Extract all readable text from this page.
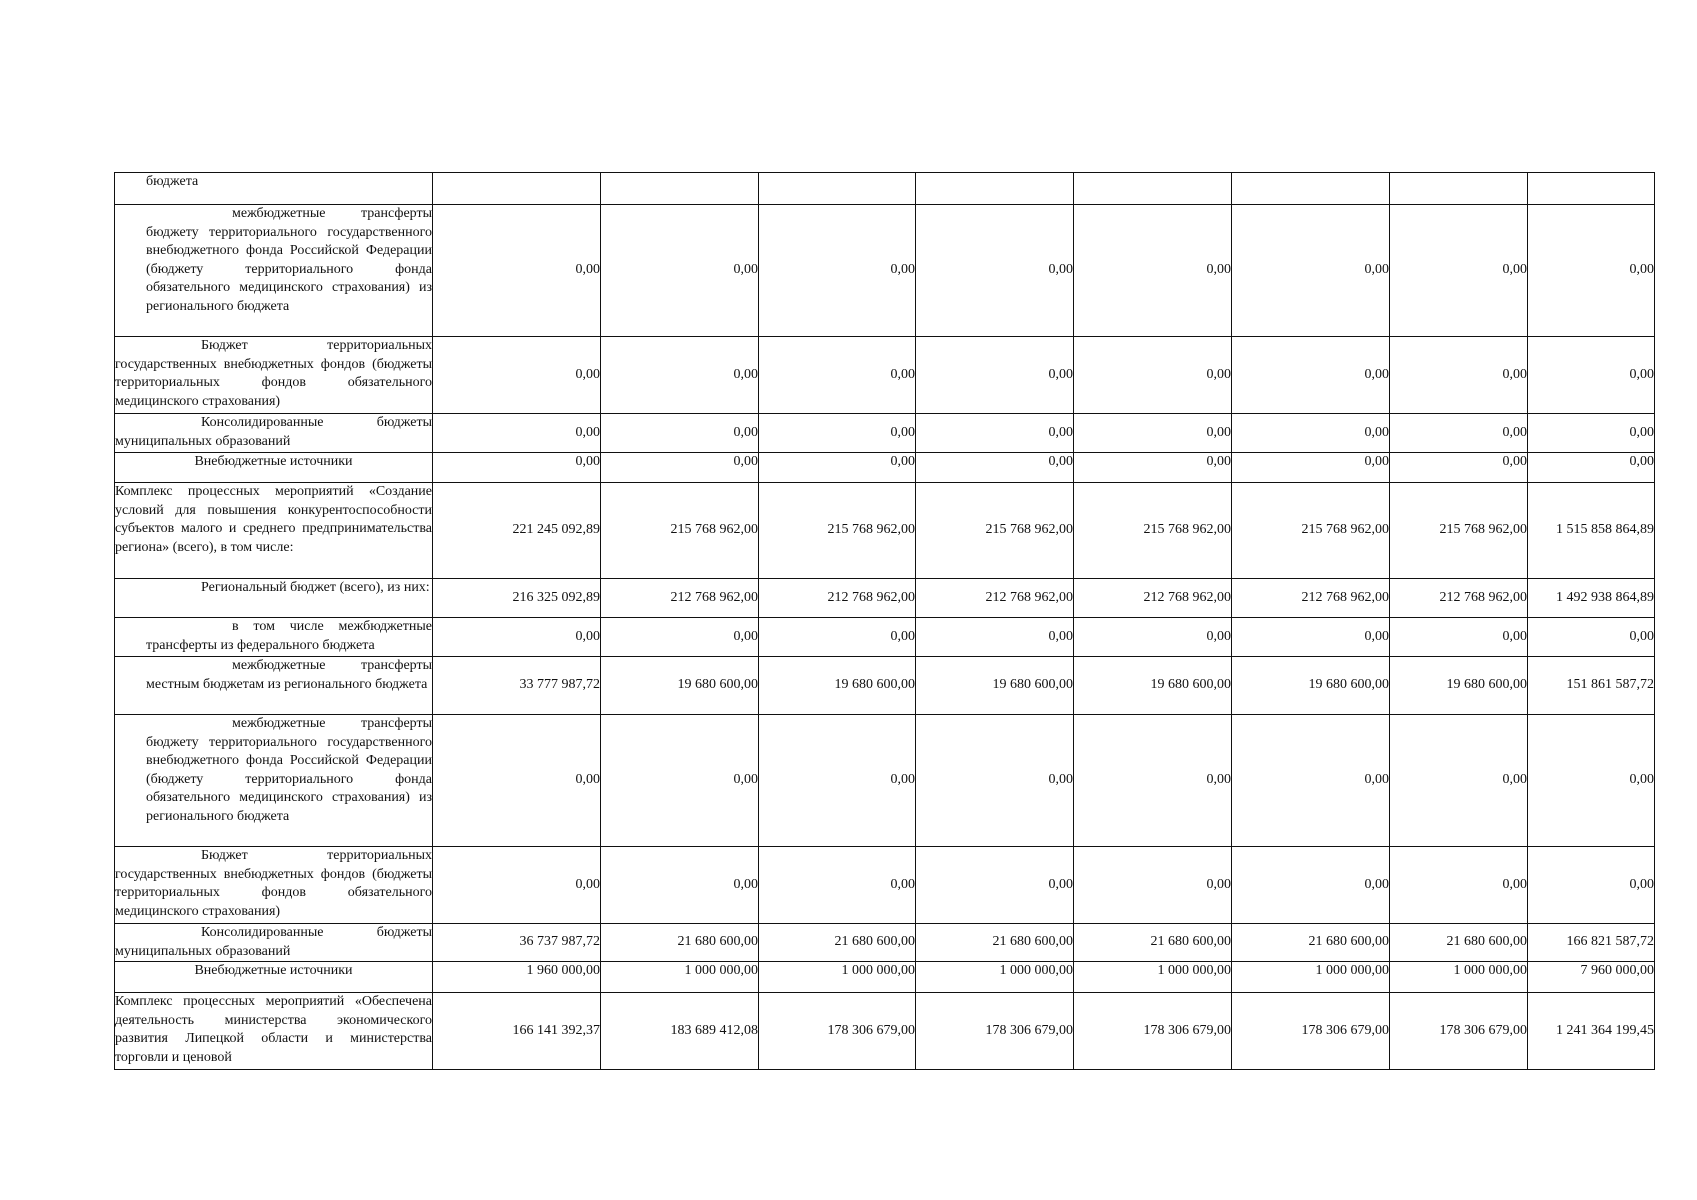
бюджета								

межбюджетные трансферты бюджету территориального государственного внебюджетного фонда Российской Федерации (бюджету территориального фонда обязательного медицинского страхования) из регионального бюджета	0,00	0,00	0,00	0,00	0,00	0,00	0,00	0,00

Бюджет территориальных государственных внебюджетных фондов (бюджеты территориальных фондов обязательного медицинского страхования)	0,00	0,00	0,00	0,00	0,00	0,00	0,00	0,00

Консолидированные бюджеты муниципальных образований	0,00	0,00	0,00	0,00	0,00	0,00	0,00	0,00

Внебюджетные источники	0,00	0,00	0,00	0,00	0,00	0,00	0,00	0,00

Комплекс процессных мероприятий «Создание условий для повышения конкурентоспособности субъектов малого и среднего предпринимательства региона» (всего), в том числе:	221 245 092,89	215 768 962,00	215 768 962,00	215 768 962,00	215 768 962,00	215 768 962,00	215 768 962,00	1 515 858 864,89

Региональный бюджет (всего), из них:	216 325 092,89	212 768 962,00	212 768 962,00	212 768 962,00	212 768 962,00	212 768 962,00	212 768 962,00	1 492 938 864,89

в том числе межбюджетные трансферты из федерального бюджета	0,00	0,00	0,00	0,00	0,00	0,00	0,00	0,00

межбюджетные трансферты местным бюджетам из регионального бюджета	33 777 987,72	19 680 600,00	19 680 600,00	19 680 600,00	19 680 600,00	19 680 600,00	19 680 600,00	151 861 587,72

межбюджетные трансферты бюджету территориального государственного внебюджетного фонда Российской Федерации (бюджету территориального фонда обязательного медицинского страхования) из регионального бюджета	0,00	0,00	0,00	0,00	0,00	0,00	0,00	0,00

Бюджет территориальных государственных внебюджетных фондов (бюджеты территориальных фондов обязательного медицинского страхования)	0,00	0,00	0,00	0,00	0,00	0,00	0,00	0,00

Консолидированные бюджеты муниципальных образований	36 737 987,72	21 680 600,00	21 680 600,00	21 680 600,00	21 680 600,00	21 680 600,00	21 680 600,00	166 821 587,72

Внебюджетные источники	1 960 000,00	1 000 000,00	1 000 000,00	1 000 000,00	1 000 000,00	1 000 000,00	1 000 000,00	7 960 000,00

Комплекс процессных мероприятий «Обеспечена деятельность министерства экономического развития Липецкой области и министерства торговли и ценовой	166 141 392,37	183 689 412,08	178 306 679,00	178 306 679,00	178 306 679,00	178 306 679,00	178 306 679,00	1 241 364 199,45
